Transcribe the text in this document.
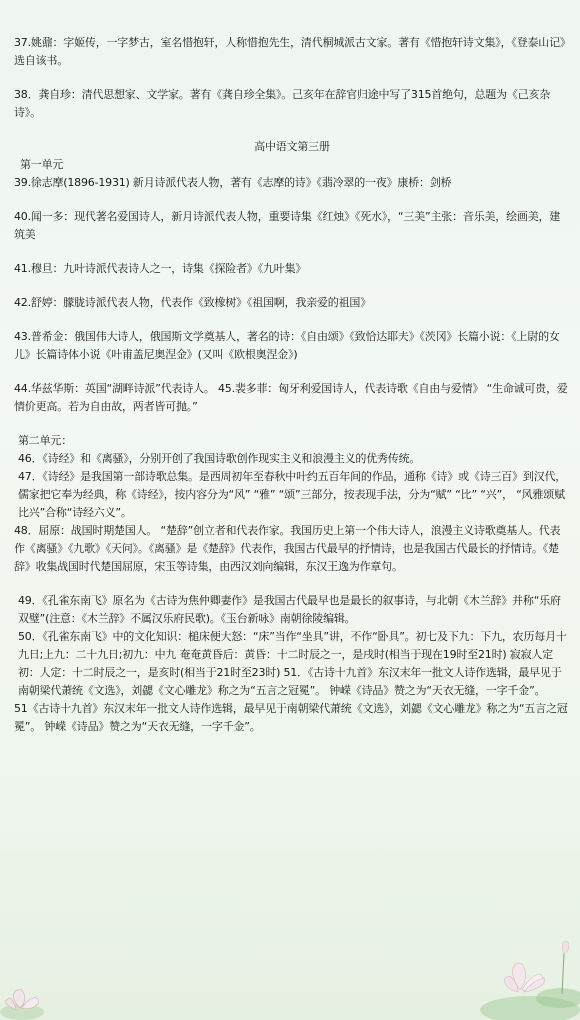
37.姚鼐：字姬传，一字梦古，室名惜抱轩，人称惜抱先生，清代桐城派古文家。著有《惜抱轩诗文集》，《登泰山记》选自该书。

38．龚自珍：清代思想家、文学家。著有《龚自珍全集》。己亥年在辞官归途中写了315首绝句，总题为《己亥杂诗》。

高中语文第三册

第一单元

39.徐志摩(1896-1931) 新月诗派代表人物，著有《志摩的诗》《翡冷翠的一夜》康桥：剑桥

40.闻一多：现代著名爱国诗人，新月诗派代表人物，重要诗集《红烛》《死水》，“三美”主张：音乐美，绘画美，建筑美

41.穆旦：九叶诗派代表诗人之一，诗集《探险者》《九叶集》

42.舒婷：朦胧诗派代表人物，代表作《致橡树》《祖国啊，我亲爱的祖国》

43.普希金：俄国伟大诗人，俄国斯文学奠基人，著名的诗：《自由颂》《致恰达耶夫》《茨冈》长篇小说：《上尉的女儿》长篇诗体小说《叶甫盖尼奥涅金》(又叫《欧根奥涅金》)

44.华兹华斯：英国“湖畔诗派”代表诗人。 45.裴多菲：匈牙利爱国诗人，代表诗歌《自由与爱情》 “生命诚可贵，爱情价更高。若为自由故，两者皆可抛。”

第二单元：

46．《诗经》和《离骚》，分别开创了我国诗歌创作现实主义和浪漫主义的优秀传统。

47．《诗经》是我国第一部诗歌总集。是西周初年至春秋中叶约五百年间的作品，通称《诗》或《诗三百》到汉代，儒家把它奉为经典，称《诗经》，按内容分为“风” “雅” “颂”三部分，按表现手法，分为“赋” “比” “兴”， “风雅颂赋比兴”合称“诗经六义”。

48．屈原：战国时期楚国人。 “楚辞”创立者和代表作家。我国历史上第一个伟大诗人，浪漫主义诗歌奠基人。代表作《离骚》《九歌》《天问》。《离骚》是《楚辞》代表作，我国古代最早的抒情诗，也是我国古代最长的抒情诗。《楚辞》收集战国时代楚国屈原，宋玉等诗集，由西汉刘向编辑，东汉王逸为作章句。

49．《孔雀东南飞》原名为《古诗为焦仲卿妻作》是我国古代最早也是最长的叙事诗，与北朝《木兰辞》并称“乐府双璧”(注意：《木兰辞》不属汉乐府民歌)。《玉台新咏》南朝徐陵编辑。

50．《孔雀东南飞》中的文化知识：槌床便大怒：“床”当作“坐具”讲，不作“卧具”。初七及下九：下九，农历每月十九日;上九：二十九日;初九：中九 奄奄黄昏后：黄昏：十二时辰之一，是戌时(相当于现在19时至21时) 寂寂人定初：人定：十二时辰之一，是亥时(相当于21时至23时) 51．《古诗十九首》东汉末年一批文人诗作选辑，最早见于南朝梁代萧统《文选》，刘勰《文心雕龙》称之为“五言之冠冕”。 钟嵘《诗品》赞之为“天衣无缝，一字千金”。

51《古诗十九首》东汉末年一批文人诗作选辑，最早见于南朝梁代萧统《文选》，刘勰《文心雕龙》称之为“五言之冠冕”。 钟嵘《诗品》赞之为“天衣无缝，一字千金”。
